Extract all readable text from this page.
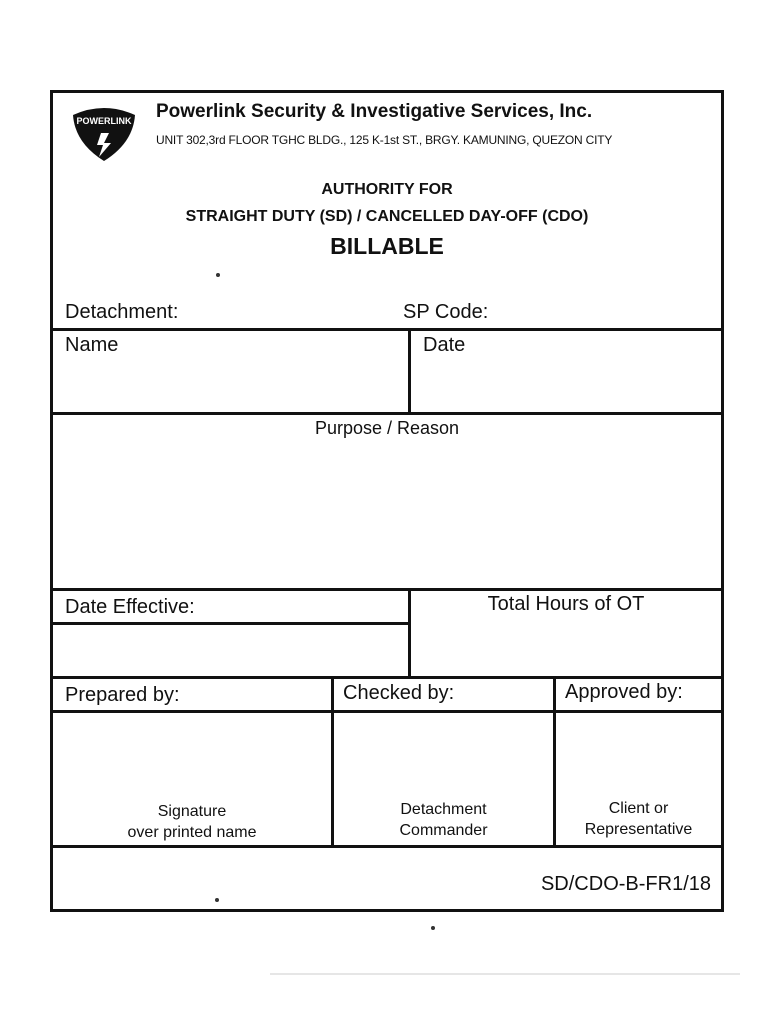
POWERLINK Powerlink Security & Investigative Services, Inc.
UNIT 302,3rd FLOOR TGHC BLDG., 125 K-1st ST., BRGY. KAMUNING, QUEZON CITY
AUTHORITY FOR
STRAIGHT DUTY (SD) / CANCELLED DAY-OFF (CDO)
BILLABLE
Detachment:	SP Code:
Name	Date
Purpose / Reason
Date Effective:	Total Hours of OT
Prepared by:	Checked by:	Approved by:
Signature
over printed name
Detachment
Commander
Client or
Representative
SD/CDO-B-FR1/18
